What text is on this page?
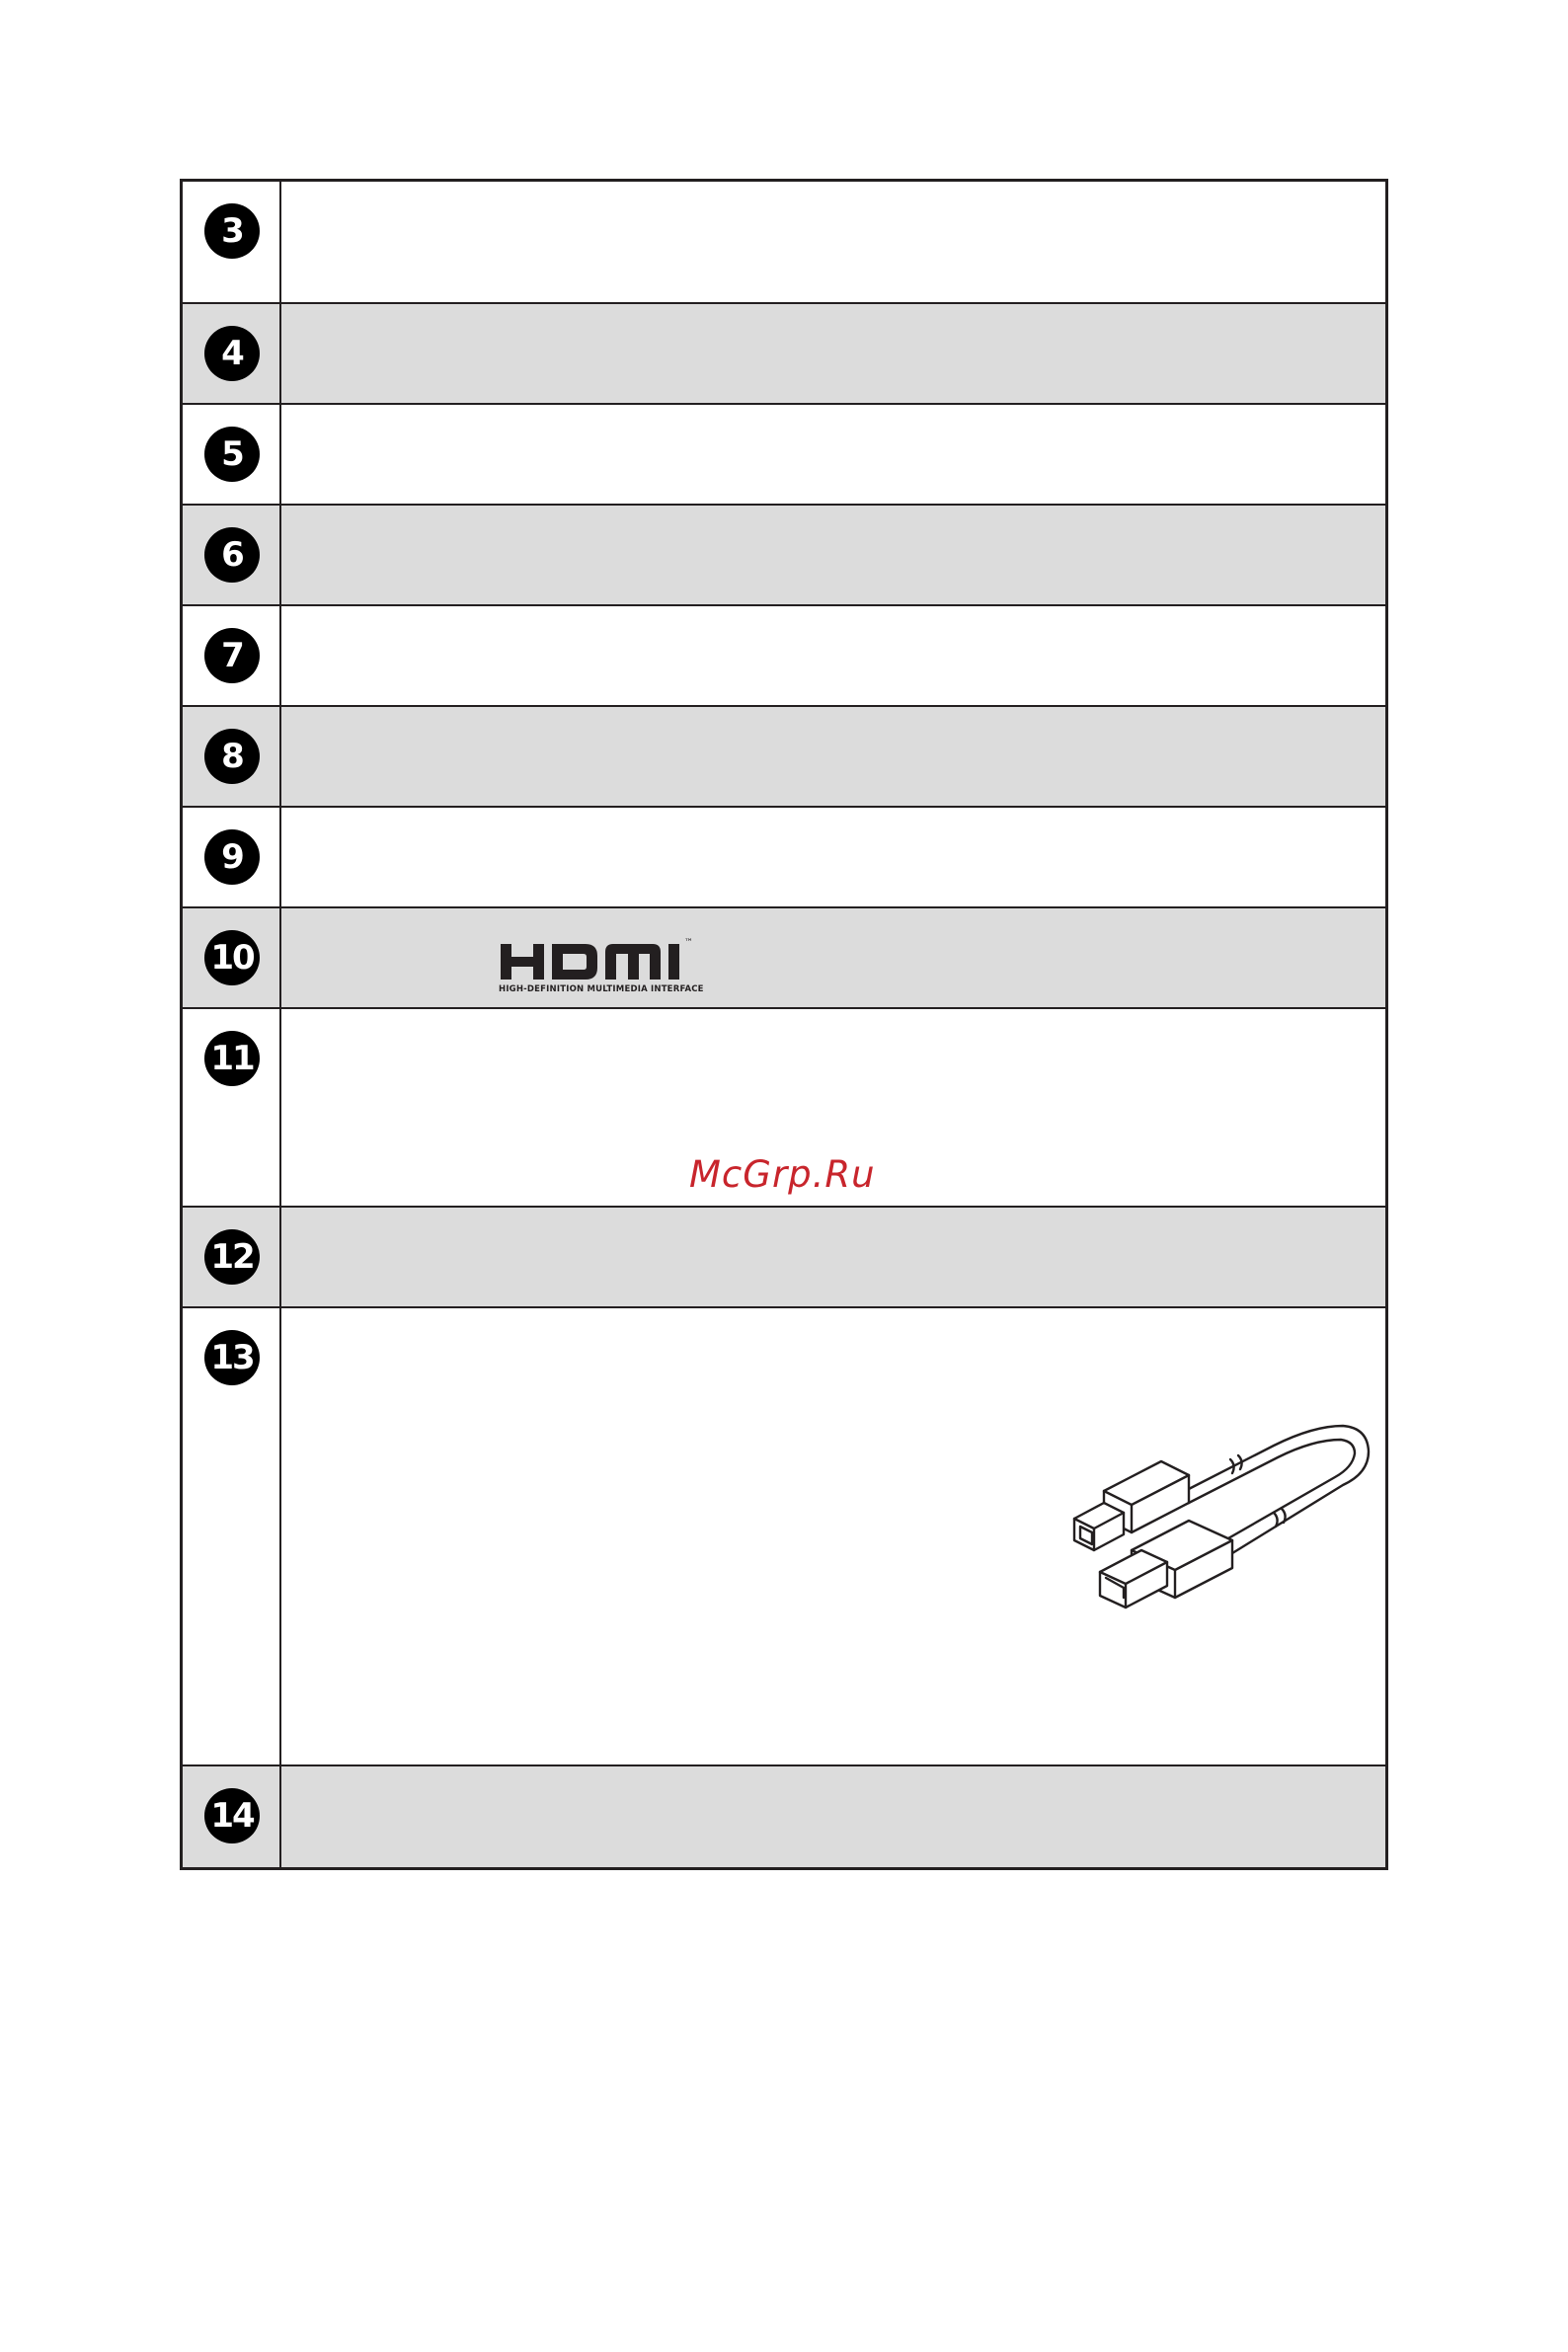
3
4
5
6
7
8
9
10	™
HIGH-DEFINITION MULTIMEDIA INTERFACE
11
12
13
14
McGrp.Ru
